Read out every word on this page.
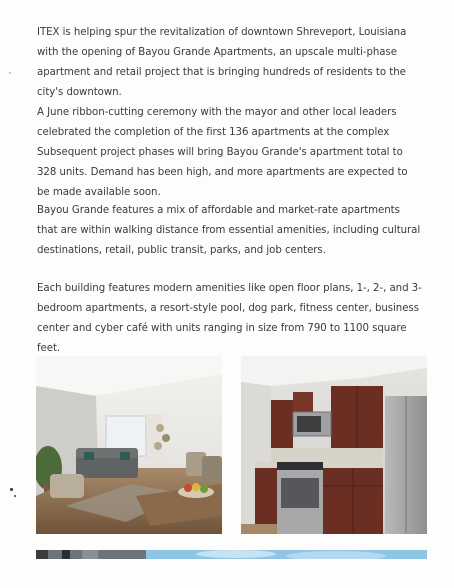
ITEX is helping spur the revitalization of downtown Shreveport, Louisiana with the opening of Bayou Grande Apartments, an upscale multi-phase apartment and retail project that is bringing hundreds of residents to the city's downtown.

A June ribbon-cutting ceremony with the mayor and other local leaders celebrated the completion of the first 136 apartments at the complex Subsequent project phases will bring Bayou Grande's apartment total to 328 units. Demand has been high, and more apartments are expected to be made available soon.

Bayou Grande features a mix of affordable and market-rate apartments that are within walking distance from essential amenities, including cultural destinations, retail, public transit, parks, and job centers.

Each building features modern amenities like open floor plans, 1-, 2-, and 3-bedroom apartments, a resort-style pool, dog park, fitness center, business center and cyber café with units ranging in size from 790 to 1100 square feet.
